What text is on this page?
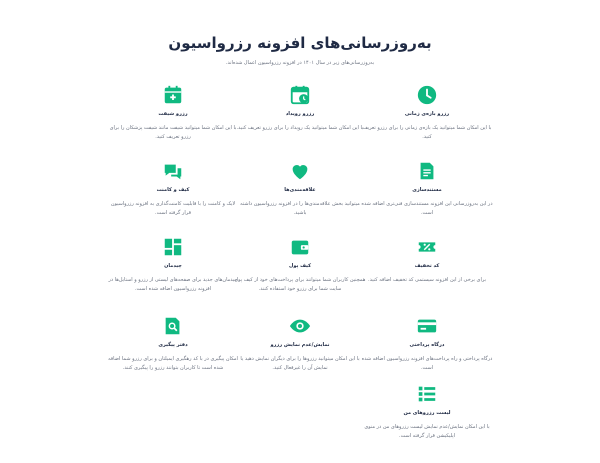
به‌روزرسانی‌های افزونه رزرواسیون
به‌روزرسانی‌های زیر در سال ۱۴۰۱ در افزونه رزرواسیون اعمال شده‌اند.
رزرو بازه‌ی زمانی
با این امکان شما میتوانید یک بازه‌ی زمانی را برای رزرو تعریف کنید.
رزرو رویداد
با این امکان شما میتوانید یک رویداد را برای رزرو تعریف کنید.
رزرو شیفت
با این امکان شما میتوانید شیفت مانند شیفت پزشکان را برای رزرو تعریف کنید.
مستندسازی
در این به‌روزرسانی این افزونه مستندسازی فنی‌تری اضافه شده است.
علاقه‌مندی‌ها
میتوانید بخش علاقه‌مندی‌ها را در افزونه رزرواسیون داشته باشید.
کیف و کامنت
لایک و کامنت را با قابلیت کامنت‌گذاری به افزونه رزرواسیون قرار گرفته است.
کد تخفیف
برای برخی از این افزونه سیستمی کد تخفیف اضافه کنید.
کیف پول
همچنین کاربران شما میتوانند برای پرداخت‌های خود از کیف پول سایت شما برای رزرو خود استفاده کنند.
چیدمان
چیدمان‌های جدید برای صفحه‌های لیستی از رزرو و استایل‌ها در افزونه رزرواسیون اضافه شده است.
درگاه پرداختی
درگاه پرداختی و راه پرداخت‌های افزونه رزرواسیون اضافه شده است.
نمایش/عدم نمایش رزرو
با این امکان میتوانید رزروها را برای دیگران نمایش دهید یا نمایش آن را غیرفعال کنید.
دفتر پیگیری
امکان پیگیری در با کد رهگیری ایمیلتان و برای رزرو شما اضافه شده است تا کاربران بتوانند رزرو را پیگیری کنند.
لیست رزروهای من
با این امکان نمایش/عدم نمایش لیست رزروهای من در منوی اپلیکیشن قرار گرفته است.
